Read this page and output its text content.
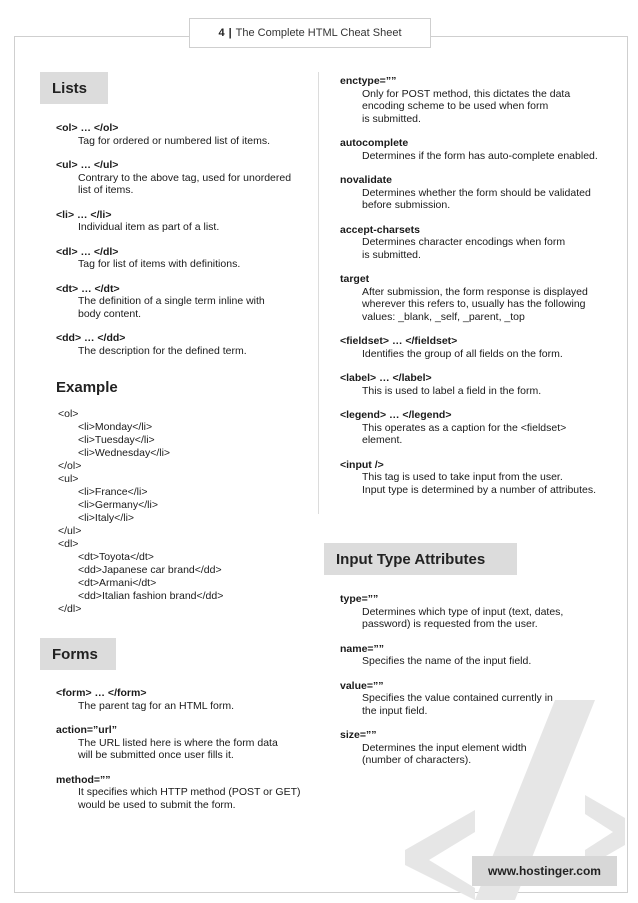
4 | The Complete HTML Cheat Sheet
Lists
<ol> … </ol>
Tag for ordered or numbered list of items.
<ul> … </ul>
Contrary to the above tag, used for unordered
list of items.
<li> … </li>
Individual item as part of a list.
<dl> … </dl>
Tag for list of items with definitions.
<dt> … </dt>
The definition of a single term inline with
body content.
<dd> … </dd>
The description for the defined term.
Example
<ol>
<li>Monday</li>
<li>Tuesday</li>
<li>Wednesday</li>
</ol>
<ul>
<li>France</li>
<li>Germany</li>
<li>Italy</li>
</ul>
<dl>
<dt>Toyota</dt>
<dd>Japanese car brand</dd>
<dt>Armani</dt>
<dd>Italian fashion brand</dd>
</dl>
Forms
<form> … </form>
The parent tag for an HTML form.
action=”url”
The URL listed here is where the form data
will be submitted once user fills it.
method=””
It specifies which HTTP method (POST or GET)
would be used to submit the form.
enctype=””
Only for POST method, this dictates the data
encoding scheme to be used when form
is submitted.
autocomplete
Determines if the form has auto-complete enabled.
novalidate
Determines whether the form should be validated
before submission.
accept-charsets
Determines character encodings when form
is submitted.
target
After submission, the form response is displayed
wherever this refers to, usually has the following
values: _blank, _self, _parent, _top
<fieldset> … </fieldset>
Identifies the group of all fields on the form.
<label> … </label>
This is used to label a field in the form.
<legend> … </legend>
This operates as a caption for the <fieldset>
element.
<input />
This tag is used to take input from the user.
Input type is determined by a number of attributes.
Input Type Attributes
type=””
Determines which type of input (text, dates,
password) is requested from the user.
name=””
Specifies the name of the input field.
value=””
Specifies the value contained currently in
the input field.
size=””
Determines the input element width
(number of characters).
www.hostinger.com
